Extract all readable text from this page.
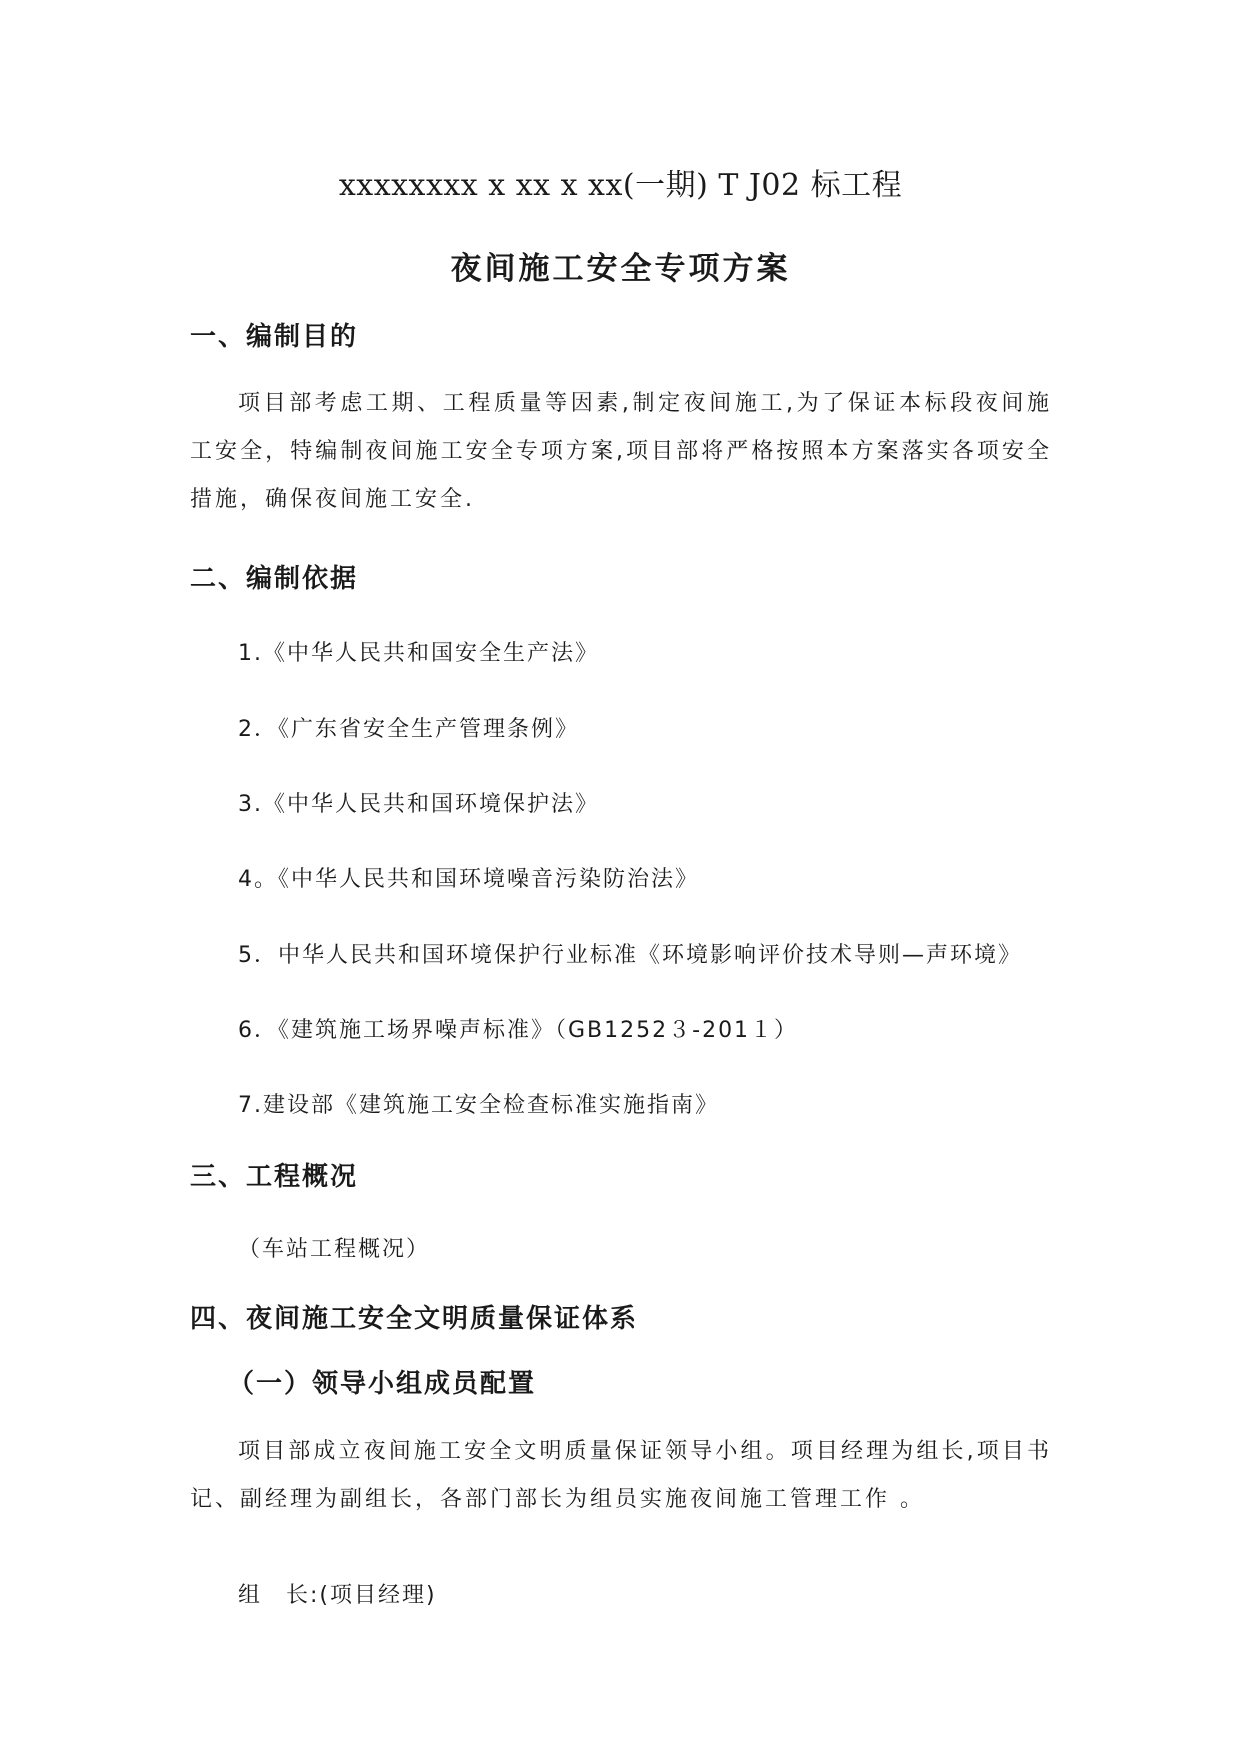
xxxxxxxx x xx x xx(一期) T J02 标工程
夜间施工安全专项方案
一、编制目的
项目部考虑工期、工程质量等因素,制定夜间施工,为了保证本标段夜间施工安全，特编制夜间施工安全专项方案,项目部将严格按照本方案落实各项安全措施，确保夜间施工安全.
二、编制依据
1.《中华人民共和国安全生产法》
2．《广东省安全生产管理条例》
3.《中华人民共和国环境保护法》
4。《中华人民共和国环境噪音污染防治法》
5．中华人民共和国环境保护行业标准《环境影响评价技术导则—声环境》
6．《建筑施工场界噪声标准》（GB1252３-201１）
7.建设部《建筑施工安全检查标准实施指南》
三、工程概况
（车站工程概况）
四、夜间施工安全文明质量保证体系
（一）领导小组成员配置
项目部成立夜间施工安全文明质量保证领导小组。项目经理为组长,项目书记、副经理为副组长，各部门部长为组员实施夜间施工管理工作 。
组　长:(项目经理)
